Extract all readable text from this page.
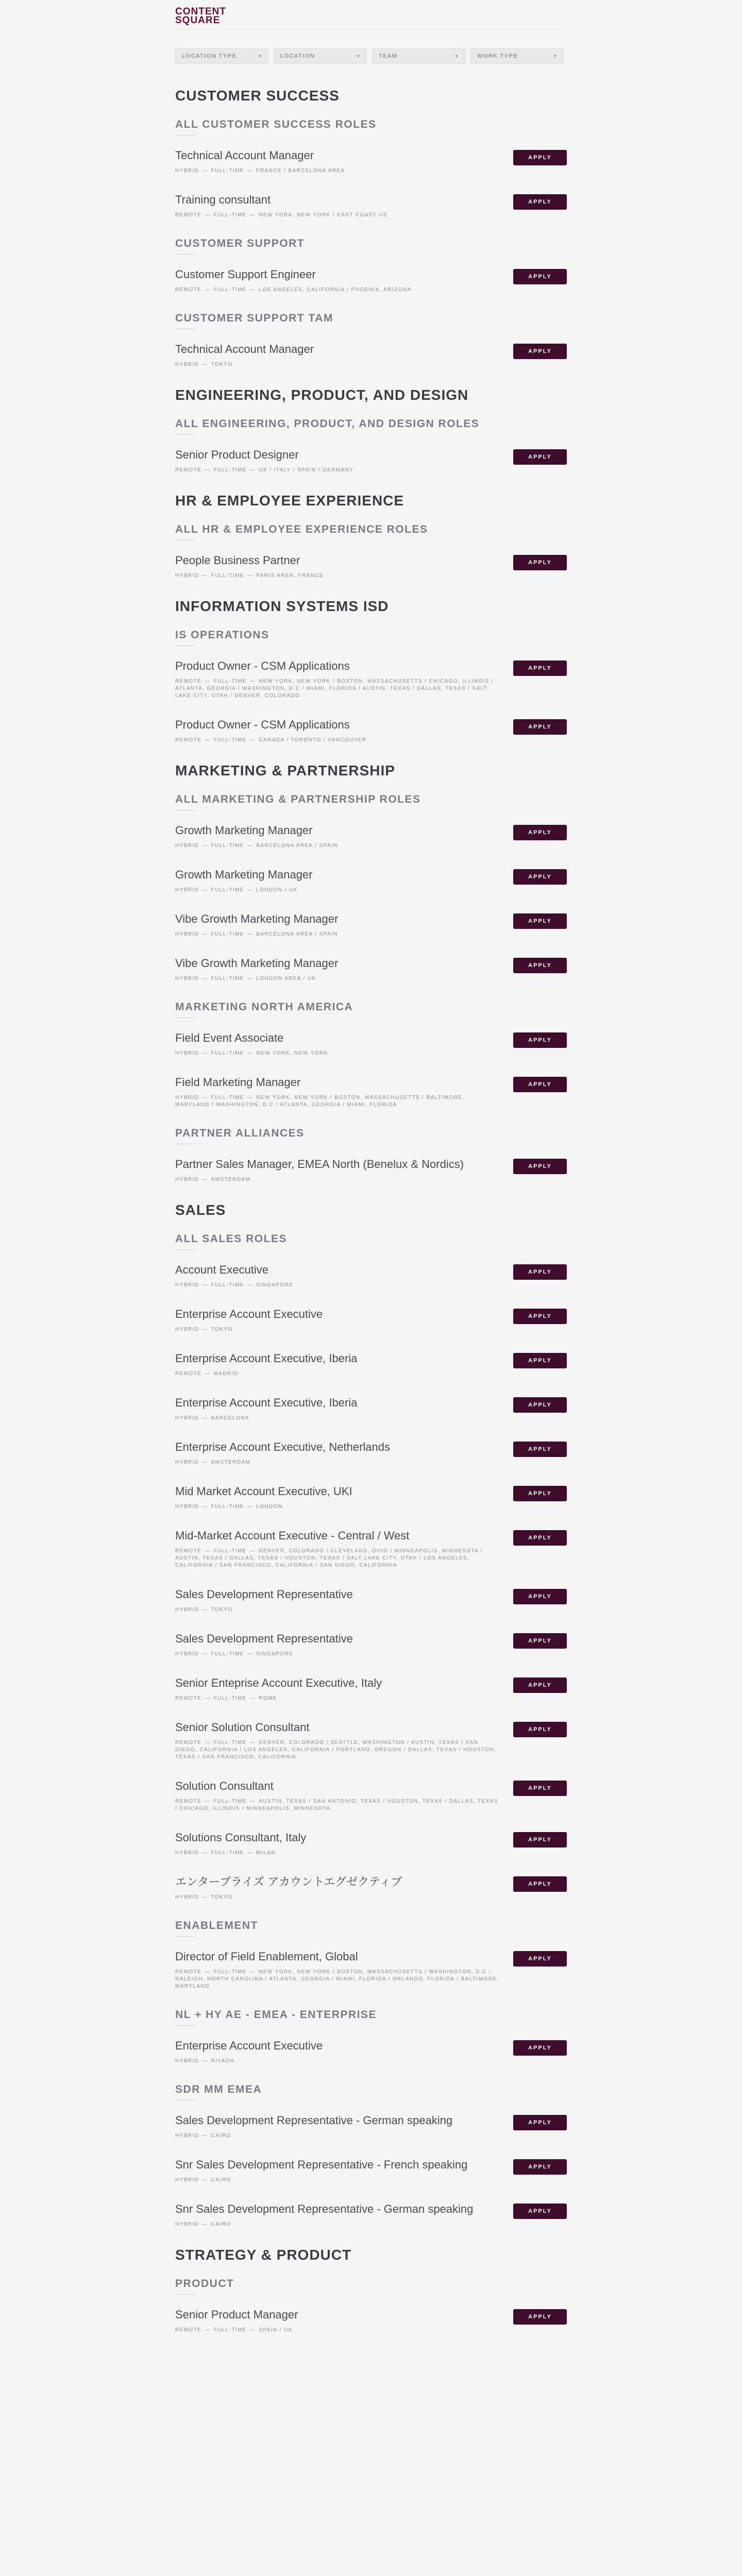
CONTENT
SQUARE
LOCATION TYPE	▾	LOCATION	▾	TEAM	▾	WORK TYPE	▾
CUSTOMER SUCCESS
ALL CUSTOMER SUCCESS ROLES
Technical Account Manager
HYBRID — FULL-TIME — FRANCE / BARCELONA AREA
APPLY
Training consultant
REMOTE — FULL-TIME — NEW YORK, NEW YORK / EAST COAST US
APPLY
CUSTOMER SUPPORT
Customer Support Engineer
REMOTE — FULL-TIME — LOS ANGELES, CALIFORNIA / PHOENIX, ARIZONA
APPLY
CUSTOMER SUPPORT TAM
Technical Account Manager
HYBRID — TOKYO
APPLY
ENGINEERING, PRODUCT, AND DESIGN
ALL ENGINEERING, PRODUCT, AND DESIGN ROLES
Senior Product Designer
REMOTE — FULL-TIME — UK / ITALY / SPAIN / GERMANY
APPLY
HR & EMPLOYEE EXPERIENCE
ALL HR & EMPLOYEE EXPERIENCE ROLES
People Business Partner
HYBRID — FULL-TIME — PARIS AREA, FRANCE
APPLY
INFORMATION SYSTEMS ISD
IS OPERATIONS
Product Owner - CSM Applications
REMOTE — FULL-TIME — NEW YORK, NEW YORK / BOSTON, MASSACHUSETTS / CHICAGO, ILLINOIS / ATLANTA, GEORGIA / WASHINGTON, D.C / MIAMI, FLORIDA / AUSTIN, TEXAS / DALLAS, TEXAS / SALT LAKE CITY, UTAH / DENVER, COLORADO
APPLY
Product Owner - CSM Applications
REMOTE — FULL-TIME — CANADA / TORONTO / VANCOUVER
APPLY
MARKETING & PARTNERSHIP
ALL MARKETING & PARTNERSHIP ROLES
Growth Marketing Manager
HYBRID — FULL-TIME — BARCELONA AREA / SPAIN
APPLY
Growth Marketing Manager
HYBRID — FULL-TIME — LONDON / UK
APPLY
Vibe Growth Marketing Manager
HYBRID — FULL-TIME — BARCELONA AREA / SPAIN
APPLY
Vibe Growth Marketing Manager
HYBRID — FULL-TIME — LONDON AREA / UK
APPLY
MARKETING NORTH AMERICA
Field Event Associate
HYBRID — FULL-TIME — NEW YORK, NEW YORK
APPLY
Field Marketing Manager
HYBRID — FULL-TIME — NEW YORK, NEW YORK / BOSTON, MASSACHUSETTS / BALTIMORE, MARYLAND / WASHINGTON, D.C / ATLANTA, GEORGIA / MIAMI, FLORIDA
APPLY
PARTNER ALLIANCES
Partner Sales Manager, EMEA North (Benelux & Nordics)
HYBRID — AMSTERDAM
APPLY
SALES
ALL SALES ROLES
Account Executive
HYBRID — FULL-TIME — SINGAPORE
APPLY
Enterprise Account Executive
HYBRID — TOKYO
APPLY
Enterprise Account Executive, Iberia
REMOTE — MADRID
APPLY
Enterprise Account Executive, Iberia
HYBRID — BARCELONA
APPLY
Enterprise Account Executive, Netherlands
HYBRID — AMSTERDAM
APPLY
Mid Market Account Executive, UKI
HYBRID — FULL-TIME — LONDON
APPLY
Mid-Market Account Executive - Central / West
REMOTE — FULL-TIME — DENVER, COLORADO / CLEVELAND, OHIO / MINNEAPOLIS, MINNESOTA / AUSTIN, TEXAS / DALLAS, TEXAS / HOUSTON, TEXAS / SALT LAKE CITY, UTAH / LOS ANGELES, CALIFORNIA / SAN FRANCISCO, CALIFORNIA / SAN DIEGO, CALIFORNIA
APPLY
Sales Development Representative
HYBRID — TOKYO
APPLY
Sales Development Representative
HYBRID — FULL-TIME — SINGAPORE
APPLY
Senior Enteprise Account Executive, Italy
REMOTE — FULL-TIME — ROME
APPLY
Senior Solution Consultant
REMOTE — FULL-TIME — DENVER, COLORADO / SEATTLE, WASHINGTON / AUSTIN, TEXAS / SAN DIEGO, CALIFORNIA / LOS ANGELES, CALIFORNIA / PORTLAND, OREGON / DALLAS, TEXAS / HOUSTON, TEXAS / SAN FRANCISCO, CALIFORNIA
APPLY
Solution Consultant
REMOTE — FULL-TIME — AUSTIN, TEXAS / SAN ANTONIO, TEXAS / HOUSTON, TEXAS / DALLAS, TEXAS / CHICAGO, ILLINOIS / MINNEAPOLIS, MINNESOTA
APPLY
Solutions Consultant, Italy
HYBRID — FULL-TIME — MILAN
APPLY
エンタープライズ アカウントエグゼクティブ
HYBRID — TOKYO
APPLY
ENABLEMENT
Director of Field Enablement, Global
REMOTE — FULL-TIME — NEW YORK, NEW YORK / BOSTON, MASSACHUSETTS / WASHINGTON, D.C / RALEIGH, NORTH CAROLINA / ATLANTA, GEORGIA / MIAMI, FLORIDA / ORLANDO, FLORIDA / BALTIMORE, MARYLAND
APPLY
NL + HY AE - EMEA - ENTERPRISE
Enterprise Account Executive
HYBRID — RIYADH
APPLY
SDR MM EMEA
Sales Development Representative - German speaking
HYBRID — CAIRO
APPLY
Snr Sales Development Representative - French speaking
HYBRID — CAIRO
APPLY
Snr Sales Development Representative - German speaking
HYBRID — CAIRO
APPLY
STRATEGY & PRODUCT
PRODUCT
Senior Product Manager
REMOTE — FULL-TIME — SPAIN / UK
APPLY
